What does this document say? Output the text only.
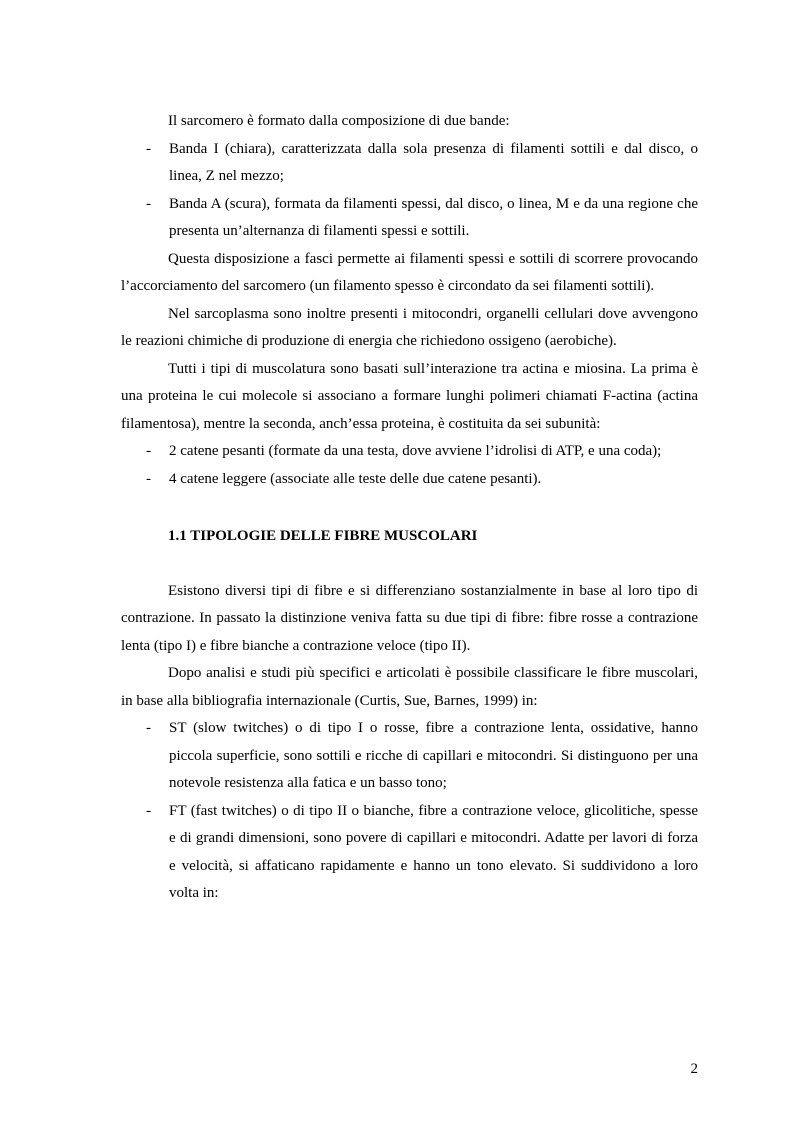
Il sarcomero è formato dalla composizione di due bande:

- Banda I (chiara), caratterizzata dalla sola presenza di filamenti sottili e dal disco, o linea, Z nel mezzo;
- Banda A (scura), formata da filamenti spessi, dal disco, o linea, M e da una regione che presenta un’alternanza di filamenti spessi e sottili.

Questa disposizione a fasci permette ai filamenti spessi e sottili di scorrere provocando l’accorciamento del sarcomero (un filamento spesso è circondato da sei filamenti sottili).

Nel sarcoplasma sono inoltre presenti i mitocondri, organelli cellulari dove avvengono le reazioni chimiche di produzione di energia che richiedono ossigeno (aerobiche).

Tutti i tipi di muscolatura sono basati sull’interazione tra actina e miosina. La prima è una proteina le cui molecole si associano a formare lunghi polimeri chiamati F-actina (actina filamentosa), mentre la seconda, anch’essa proteina, è costituita da sei subunità:

- 2 catene pesanti (formate da una testa, dove avviene l’idrolisi di ATP, e una coda);
- 4 catene leggere (associate alle teste delle due catene pesanti).
1.1 TIPOLOGIE DELLE FIBRE MUSCOLARI

Esistono diversi tipi di fibre e si differenziano sostanzialmente in base al loro tipo di contrazione. In passato la distinzione veniva fatta su due tipi di fibre: fibre rosse a contrazione lenta (tipo I) e fibre bianche a contrazione veloce (tipo II).

Dopo analisi e studi più specifici e articolati è possibile classificare le fibre muscolari, in base alla bibliografia internazionale (Curtis, Sue, Barnes, 1999) in:

- ST (slow twitches) o di tipo I o rosse, fibre a contrazione lenta, ossidative, hanno piccola superficie, sono sottili e ricche di capillari e mitocondri. Si distinguono per una notevole resistenza alla fatica e un basso tono;
- FT (fast twitches) o di tipo II o bianche, fibre a contrazione veloce, glicolitiche, spesse e di grandi dimensioni, sono povere di capillari e mitocondri. Adatte per lavori di forza e velocità, si affaticano rapidamente e hanno un tono elevato. Si suddividono a loro volta in:
2
